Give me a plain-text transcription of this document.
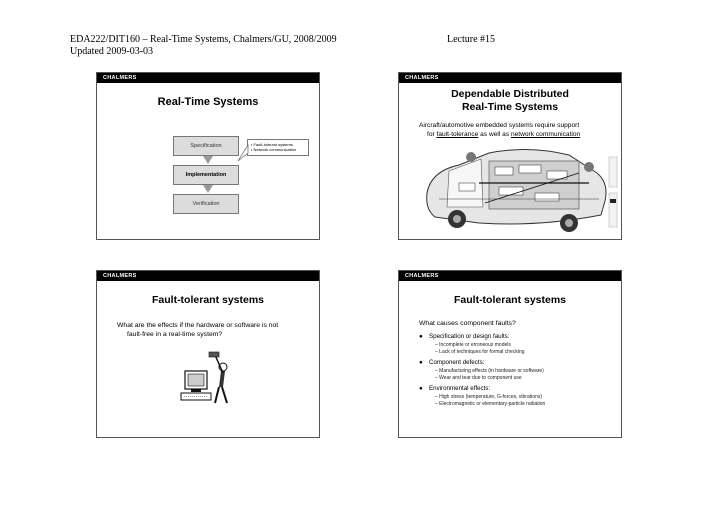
EDA222/DIT160 – Real-Time Systems, Chalmers/GU, 2008/2009
Updated 2009-03-03
Lecture #15
CHALMERS
Real-Time Systems
Specification
Implementation
Verification
• Fault-tolerant systems
• Network communication
CHALMERS
Dependable Distributed
Real-Time Systems
Aircraft/automotive embedded systems require support
for fault-tolerance as well as network communication
CHALMERS
Fault-tolerant systems
What are the effects if the hardware or software is not
fault-free in a real-time system?
CHALMERS
Fault-tolerant systems
What causes component faults?
● Specification or design faults:
– Incomplete or erroneous models
– Lack of techniques for formal checking
● Component defects:
– Manufacturing effects (in hardware or software)
– Wear and tear due to component use
● Environmental effects:
– High stress (temperature, G-forces, vibrations)
– Electromagnetic or elementary-particle radiation
